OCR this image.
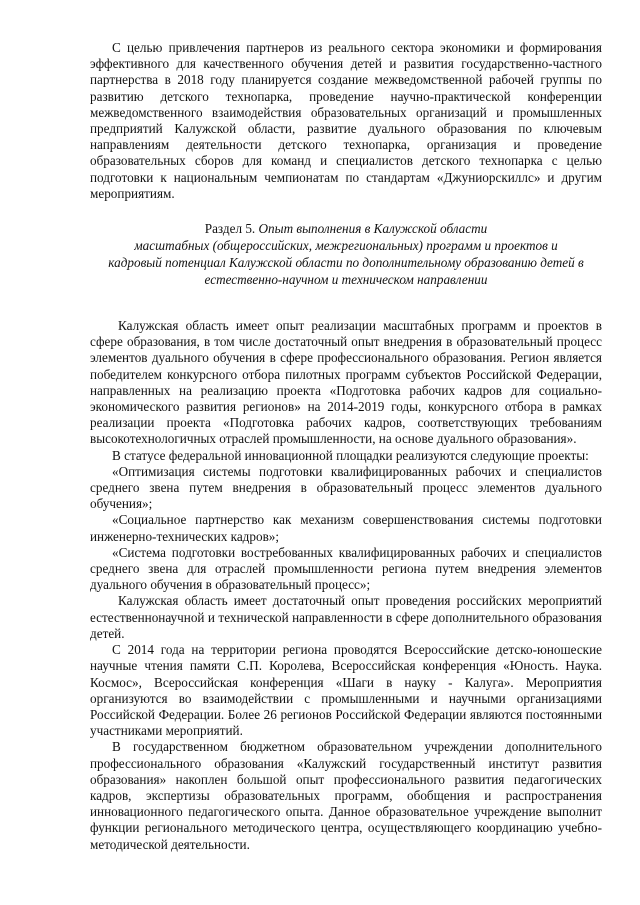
С целью привлечения партнеров из реального сектора экономики и формирования эффективного для качественного обучения детей и развития государственно-частного партнерства в 2018 году планируется создание межведомственной рабочей группы по развитию детского технопарка, проведение научно-практической конференции межведомственного взаимодействия образовательных организаций и промышленных предприятий Калужской области, развитие дуального образования по ключевым направлениям деятельности детского технопарка, организация и проведение образовательных сборов для команд и специалистов детского технопарка с целью подготовки к национальным чемпионатам по стандартам «Джуниорскиллс» и другим мероприятиям.

Раздел 5. Опыт выполнения в Калужской области
масштабных (общероссийских, межрегиональных) программ и проектов и
кадровый потенциал Калужской области по дополнительному образованию детей в
естественно-научном и техническом направлении

Калужская область имеет опыт реализации масштабных программ и проектов в сфере образования, в том числе достаточный опыт внедрения в образовательный процесс элементов дуального обучения в сфере профессионального образования. Регион является победителем конкурсного отбора пилотных программ субъектов Российской Федерации, направленных на реализацию проекта «Подготовка рабочих кадров для социально-экономического развития регионов» на 2014-2019 годы, конкурсного отбора в рамках реализации проекта «Подготовка рабочих кадров, соответствующих требованиям высокотехнологичных отраслей промышленности, на основе дуального образования».

В статусе федеральной инновационной площадки реализуются следующие проекты:

«Оптимизация системы подготовки квалифицированных рабочих и специалистов среднего звена путем внедрения в образовательный процесс элементов дуального обучения»;

«Социальное партнерство как механизм совершенствования системы подготовки инженерно-технических кадров»;

«Система подготовки востребованных квалифицированных рабочих и специалистов среднего звена для отраслей промышленности региона путем внедрения элементов дуального обучения в образовательный процесс»;

Калужская область имеет достаточный опыт проведения российских мероприятий естественнонаучной и технической направленности в сфере дополнительного образования детей.

С 2014 года на территории региона проводятся Всероссийские детско-юношеские научные чтения памяти С.П. Королева, Всероссийская конференция «Юность. Наука. Космос», Всероссийская конференция «Шаги в науку - Калуга». Мероприятия организуются во взаимодействии с промышленными и научными организациями Российской Федерации. Более 26 регионов Российской Федерации являются постоянными участниками мероприятий.

В государственном бюджетном образовательном учреждении дополнительного профессионального образования «Калужский государственный институт развития образования» накоплен большой опыт профессионального развития педагогических кадров, экспертизы образовательных программ, обобщения и распространения инновационного педагогического опыта. Данное образовательное учреждение выполнит функции регионального методического центра, осуществляющего координацию учебно-методической деятельности.
